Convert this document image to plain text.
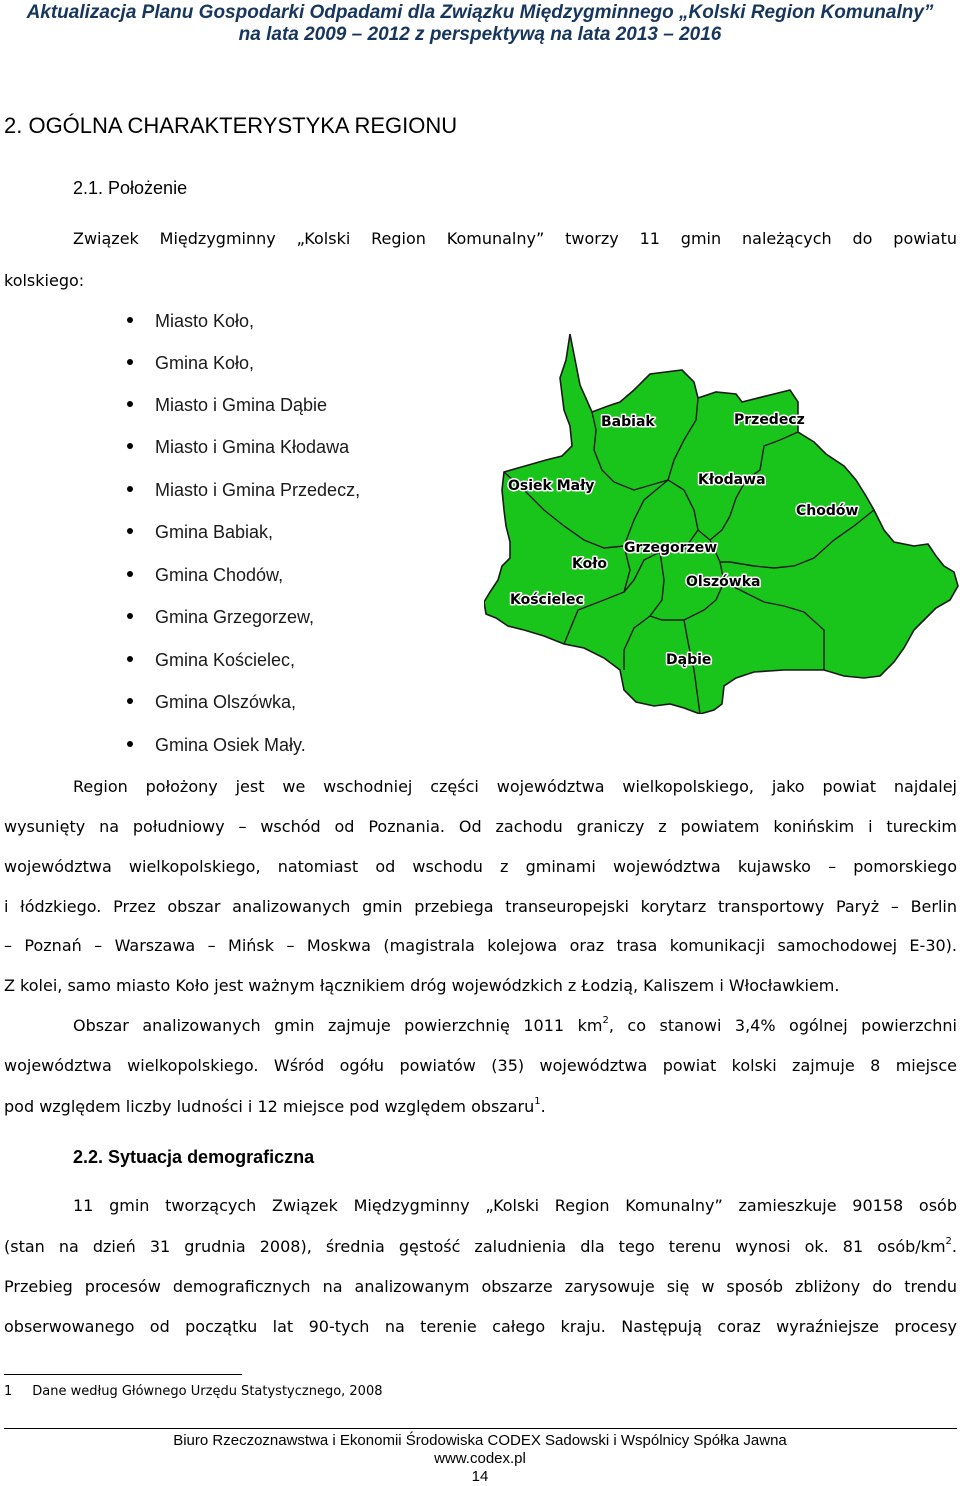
Aktualizacja Planu Gospodarki Odpadami dla Związku Międzygminnego „Kolski Region Komunalny”
na lata 2009 – 2012 z perspektywą na lata 2013 – 2016
2. OGÓLNA CHARAKTERYSTYKA REGIONU
2.1. Położenie
Związek Międzygminny „Kolski Region Komunalny” tworzy 11 gmin należących do powiatu
kolskiego:
Miasto Koło,
Gmina Koło,
Miasto i Gmina Dąbie
Miasto i Gmina Kłodawa
Miasto i Gmina Przedecz,
Gmina Babiak,
Gmina Chodów,
Gmina Grzegorzew,
Gmina Kościelec,
Gmina Olszówka,
Gmina Osiek Mały.
Babiak	Przedecz
Osiek Mały	Kłodawa
Chodów
Grzegorzew
Koło
Olszówka
Kościelec
Dąbie
Region położony jest we wschodniej części województwa wielkopolskiego, jako powiat najdalej
wysunięty na południowy – wschód od Poznania. Od zachodu graniczy z powiatem konińskim i tureckim
województwa wielkopolskiego, natomiast od wschodu z gminami województwa kujawsko – pomorskiego
i łódzkiego. Przez obszar analizowanych gmin przebiega transeuropejski korytarz transportowy Paryż – Berlin
– Poznań – Warszawa – Mińsk – Moskwa (magistrala kolejowa oraz trasa komunikacji samochodowej E-30).
Z kolei, samo miasto Koło jest ważnym łącznikiem dróg wojewódzkich z Łodzią, Kaliszem i Włocławkiem.
Obszar analizowanych gmin zajmuje powierzchnię 1011 $km^2$, co stanowi 3,4% ogólnej powierzchni
województwa wielkopolskiego. Wśród ogółu powiatów (35) województwa powiat kolski zajmuje 8 miejsce
pod względem liczby ludności i 12 miejsce pod względem obszaru$^1$.
2.2. Sytuacja demograficzna
11 gmin tworzących Związek Międzygminny „Kolski Region Komunalny” zamieszkuje 90158 osób
(stan na dzień 31 grudnia 2008), średnia gęstość zaludnienia dla tego terenu wynosi ok. 81 osób/$km^2$.
Przebieg procesów demograficznych na analizowanym obszarze zarysowuje się w sposób zbliżony do trendu
obserwowanego od początku lat 90-tych na terenie całego kraju. Następują coraz wyraźniejsze procesy
1 Dane według Głównego Urzędu Statystycznego, 2008
Biuro Rzeczoznawstwa i Ekonomii Środowiska CODEX Sadowski i Wspólnicy Spółka Jawna
www.codex.pl
14
